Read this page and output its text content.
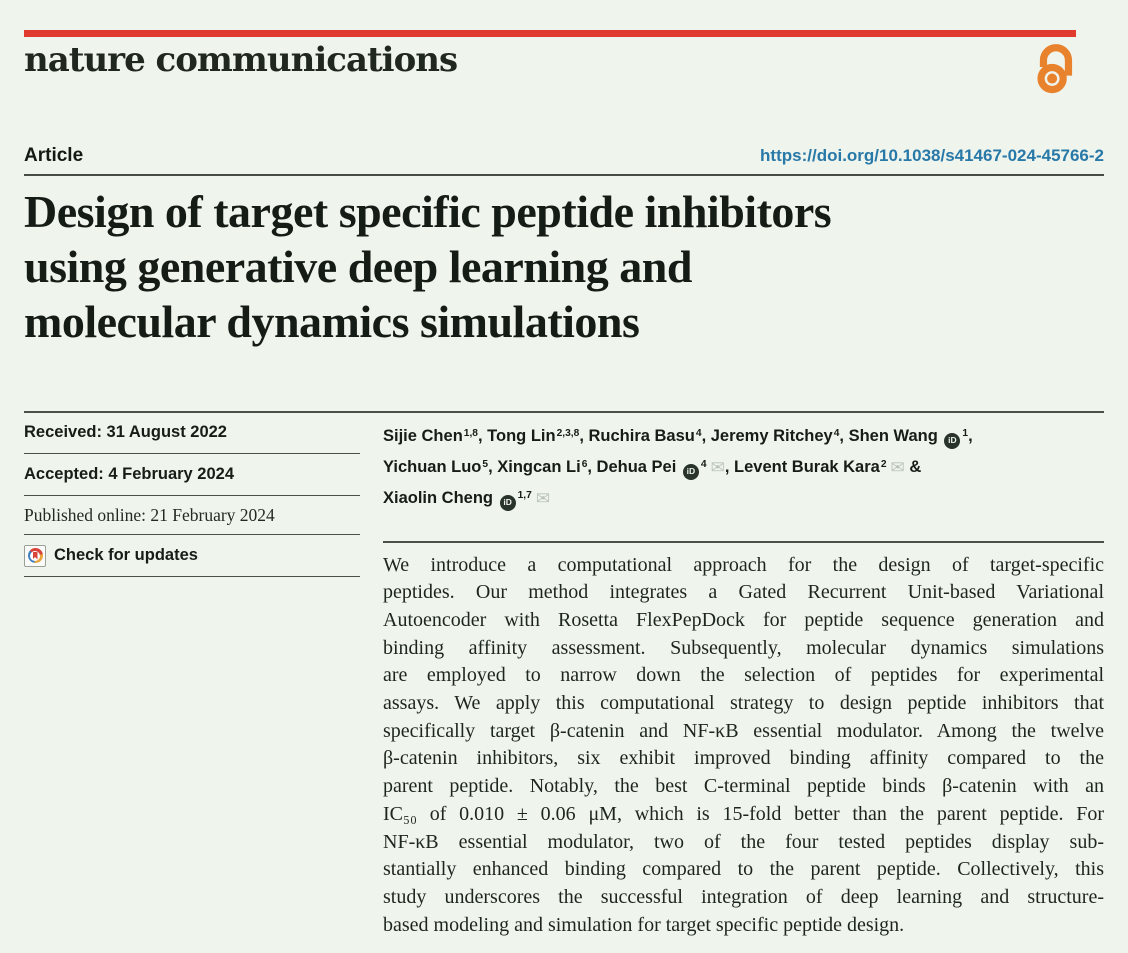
nature communications
Article	https://doi.org/10.1038/s41467-024-45766-2
Design of target specific peptide inhibitors
using generative deep learning and
molecular dynamics simulations
Received: 31 August 2022
Accepted: 4 February 2024
Published online: 21 February 2024
Check for updates
Sijie Chen$^{1,8}$, Tong Lin$^{2,3,8}$, Ruchira Basu$^4$, Jeremy Ritchey$^4$, Shen Wang $iD^1$,
Yichuan Luo$^5$, Xingcan Li$^6$, Dehua Pei $iD^4$ ✉, Levent Burak Kara$^2$ ✉ &
Xiaolin Cheng iD$^{1,7}$ ✉
We introduce a computational approach for the design of target-specific
peptides. Our method integrates a Gated Recurrent Unit-based Variational
Autoencoder with Rosetta FlexPepDock for peptide sequence generation and
binding affinity assessment. Subsequently, molecular dynamics simulations
are employed to narrow down the selection of peptides for experimental
assays. We apply this computational strategy to design peptide inhibitors that
specifically target β-catenin and NF-κB essential modulator. Among the twelve
β-catenin inhibitors, six exhibit improved binding affinity compared to the
parent peptide. Notably, the best C-terminal peptide binds β-catenin with an
IC₅₀ of 0.010 ± 0.06 μM, which is 15-fold better than the parent peptide. For
NF-κB essential modulator, two of the four tested peptides display sub-
stantially enhanced binding compared to the parent peptide. Collectively, this
study underscores the successful integration of deep learning and structure-
based modeling and simulation for target specific peptide design.
